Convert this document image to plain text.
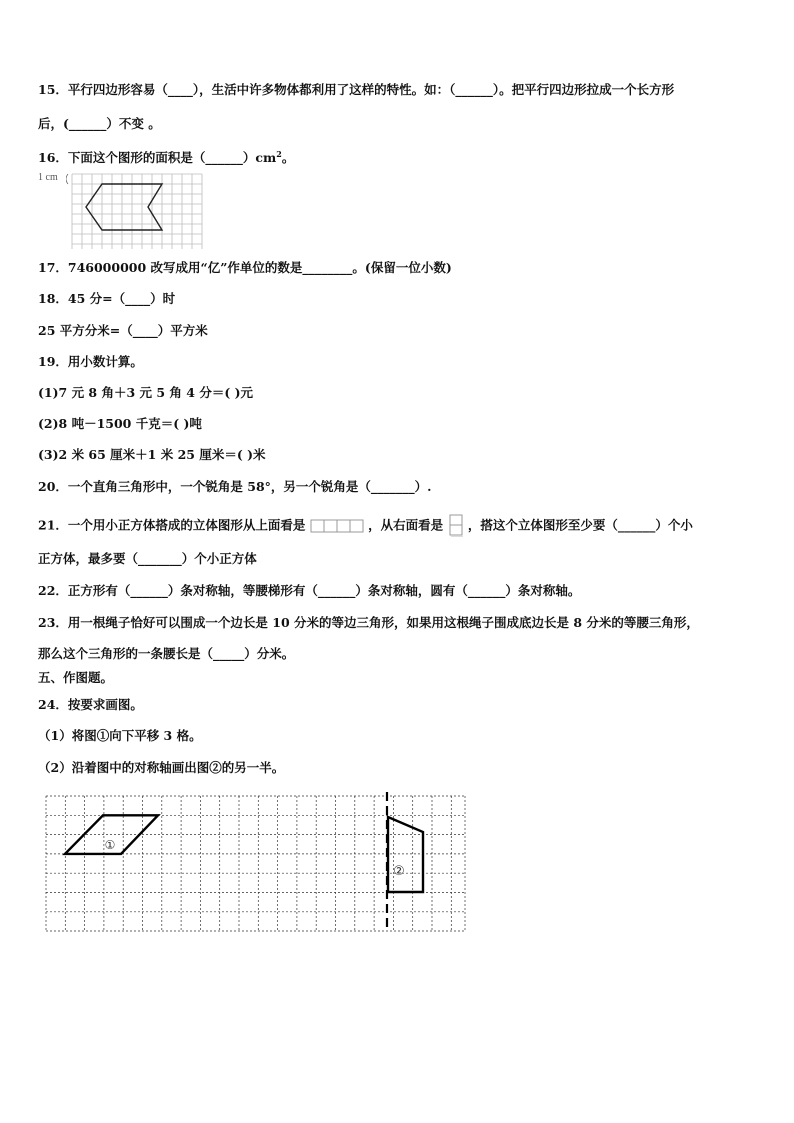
15．平行四边形容易（____），生活中许多物体都利用了这样的特性。如：（______）。把平行四边形拉成一个长方形
后，(______）不变 。
16．下面这个图形的面积是$(\_\_\_\_\_\_)cm^2$。
1 cm
17．746000000 改写成用“亿”作单位的数是________。(保留一位小数)
18．45 分=（____）时
25 平方分米=（____）平方米
19．用小数计算。
(1)7 元 8 角＋3 元 5 角 4 分＝( )元
(2)8 吨－1500 千克＝( )吨
(3)2 米 65 厘米＋1 米 25 厘米＝( )米
20．一个直角三角形中，一个锐角是 58°，另一个锐角是（_______）.
21．一个用小正方体搭成的立体图形从上面看是	，从右面看是 ，搭这个立体图形至少要（______）个小
正方体，最多要（_______）个小正方体
22．正方形有（______）条对称轴，等腰梯形有（______）条对称轴，圆有（______）条对称轴。
23．用一根绳子恰好可以围成一个边长是 10 分米的等边三角形，如果用这根绳子围成底边长是 8 分米的等腰三角形，
那么这个三角形的一条腰长是（_____）分米。
五、作图题。
24．按要求画图。
（1）将图①向下平移 3 格。
（2）沿着图中的对称轴画出图②的另一半。
①
②
